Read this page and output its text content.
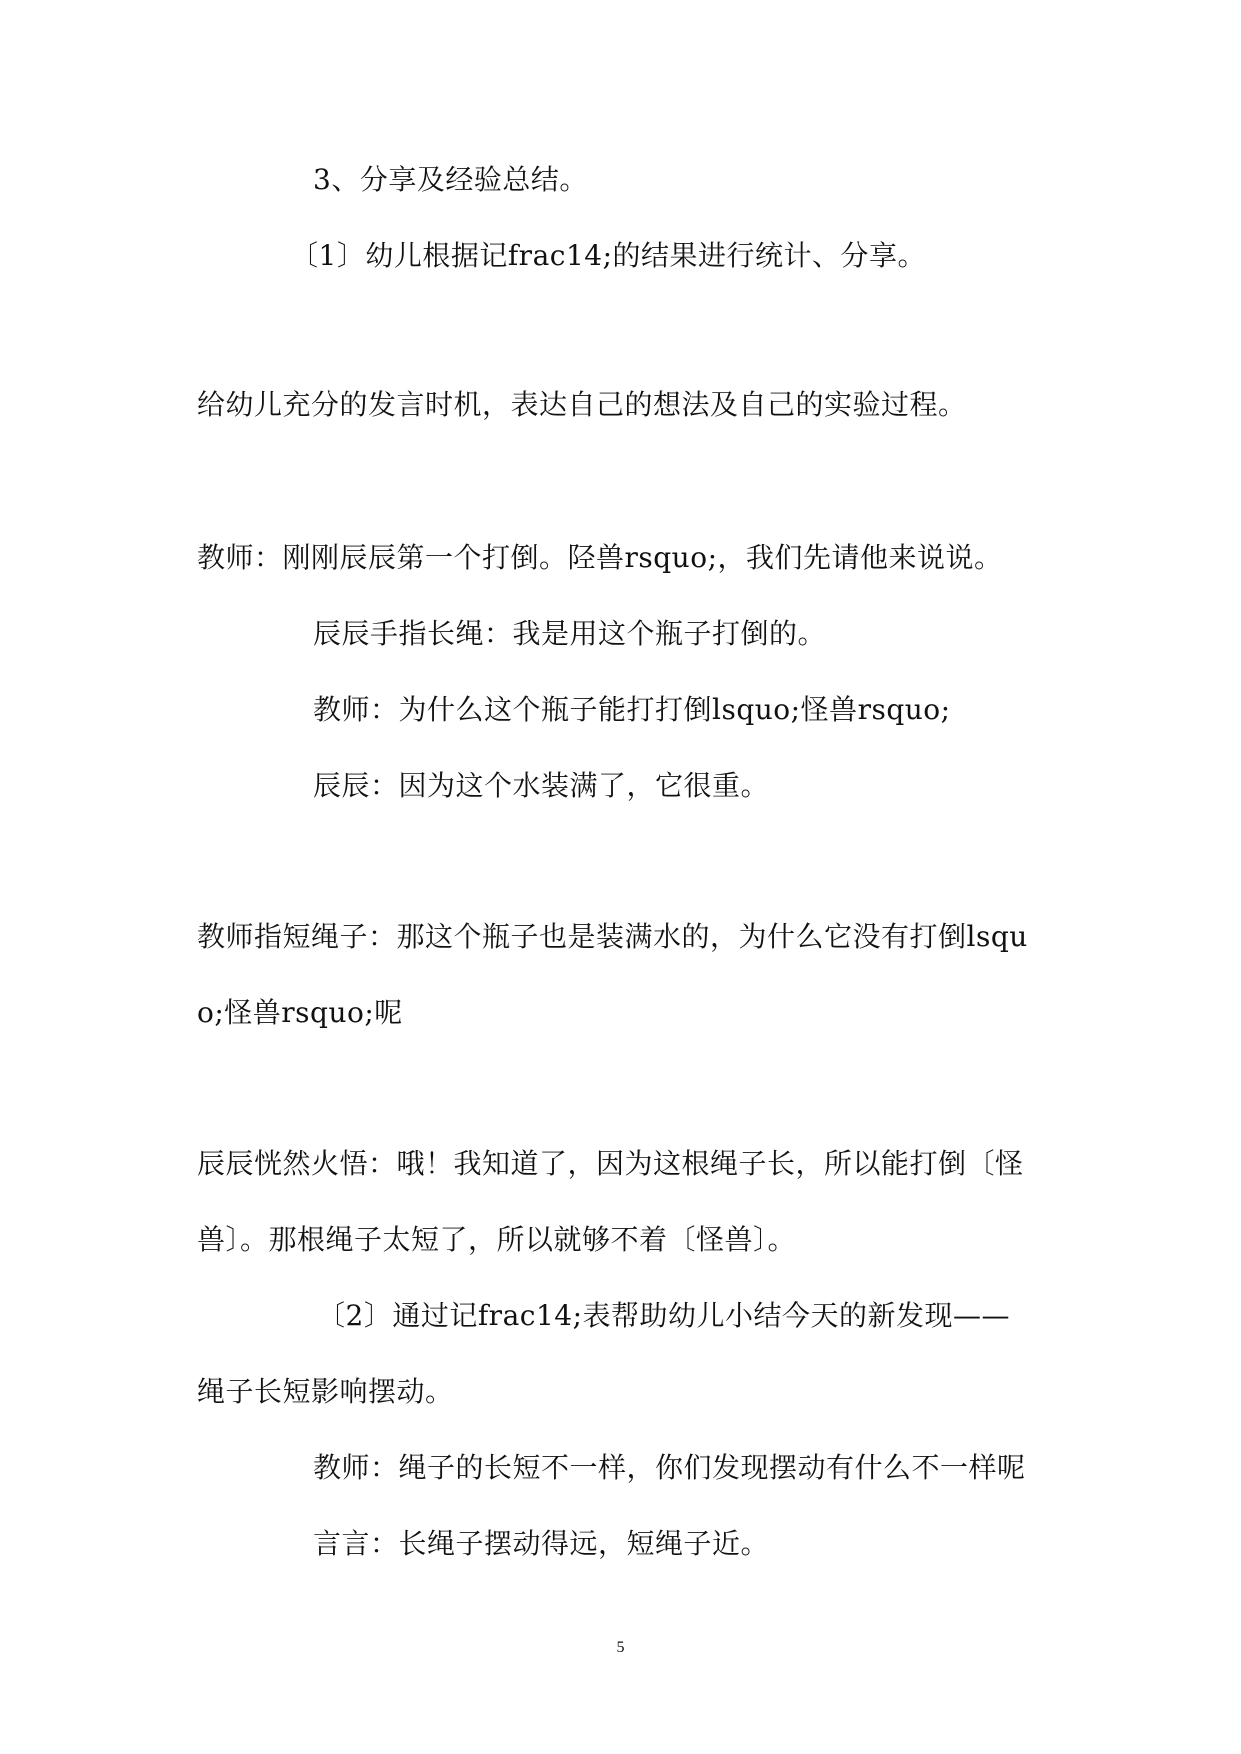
3、分享及经验总结。
〔1〕幼儿根据记frac14;的结果进行统计、分享。
给幼儿充分的发言时机，表达自己的想法及自己的实验过程。
教师：刚刚辰辰第一个打倒。陉兽rsquo;，我们先请他来说说。
辰辰手指长绳：我是用这个瓶子打倒的。
教师：为什么这个瓶子能打打倒lsquo;怪兽rsquo;
辰辰：因为这个水装满了，它很重。
教师指短绳子：那这个瓶子也是装满水的，为什么它没有打倒lsqu
o;怪兽rsquo;呢
辰辰恍然火悟：哦！我知道了，因为这根绳子长，所以能打倒〔怪
兽〕。那根绳子太短了，所以就够不着〔怪兽〕。
〔2〕通过记frac14;表帮助幼儿小结今天的新发现——
绳子长短影响摆动。
教师：绳子的长短不一样，你们发现摆动有什么不一样呢
言言：长绳子摆动得远，短绳子近。
5
